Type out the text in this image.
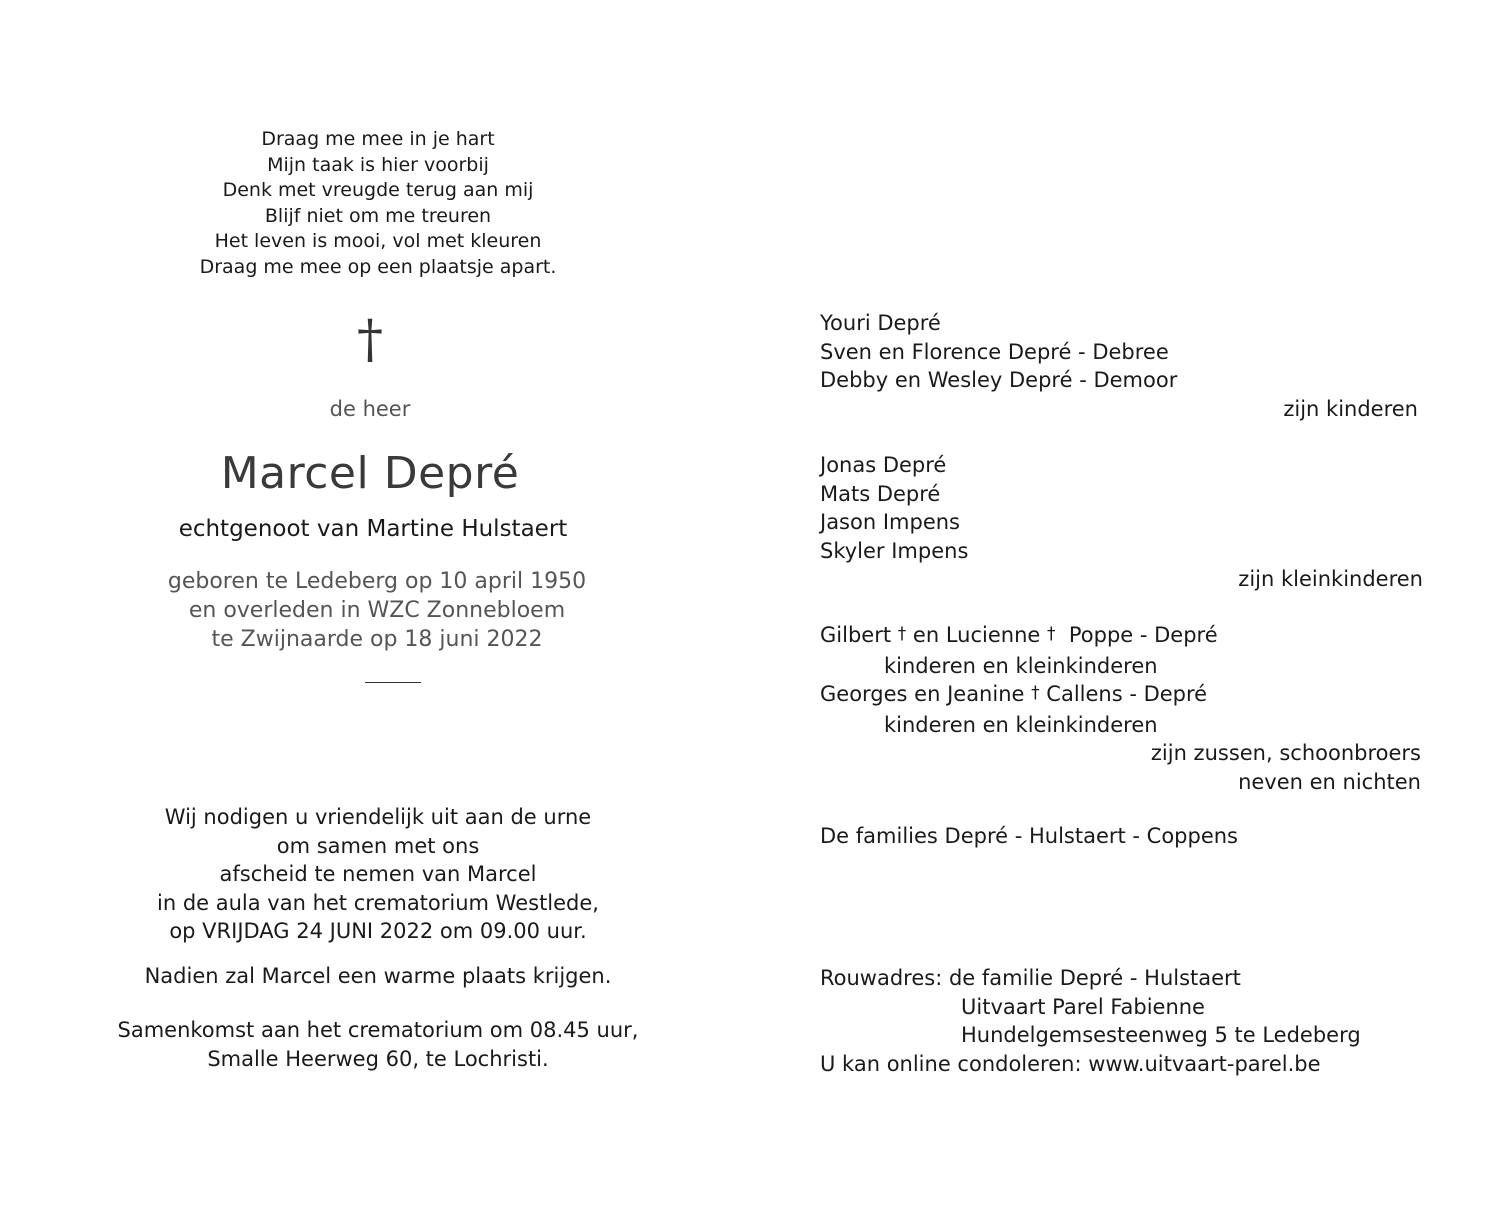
Draag me mee in je hart
Mijn taak is hier voorbij
Denk met vreugde terug aan mij
Blijf niet om me treuren
Het leven is mooi, vol met kleuren
Draag me mee op een plaatsje apart.
†
de heer
Marcel Depré
echtgenoot van Martine Hulstaert
geboren te Ledeberg op 10 april 1950
en overleden in WZC Zonnebloem
te Zwijnaarde op 18 juni 2022
Wij nodigen u vriendelijk uit aan de urne
om samen met ons
afscheid te nemen van Marcel
in de aula van het crematorium Westlede,
op VRIJDAG 24 JUNI 2022 om 09.00 uur.
Nadien zal Marcel een warme plaats krijgen.
Samenkomst aan het crematorium om 08.45 uur,
Smalle Heerweg 60, te Lochristi.
Youri Depré
Sven en Florence Depré - Debree
Debby en Wesley Depré - Demoor
zijn kinderen
Jonas Depré
Mats Depré
Jason Impens
Skyler Impens
zijn kleinkinderen
Gilbert † en Lucienne †  Poppe - Depré
kinderen en kleinkinderen
Georges en Jeanine † Callens - Depré
kinderen en kleinkinderen
zijn zussen, schoonbroers
neven en nichten
De families Depré - Hulstaert - Coppens
Rouwadres: de familie Depré - Hulstaert
Uitvaart Parel Fabienne
Hundelgemsesteenweg 5 te Ledeberg
U kan online condoleren: www.uitvaart-parel.be
